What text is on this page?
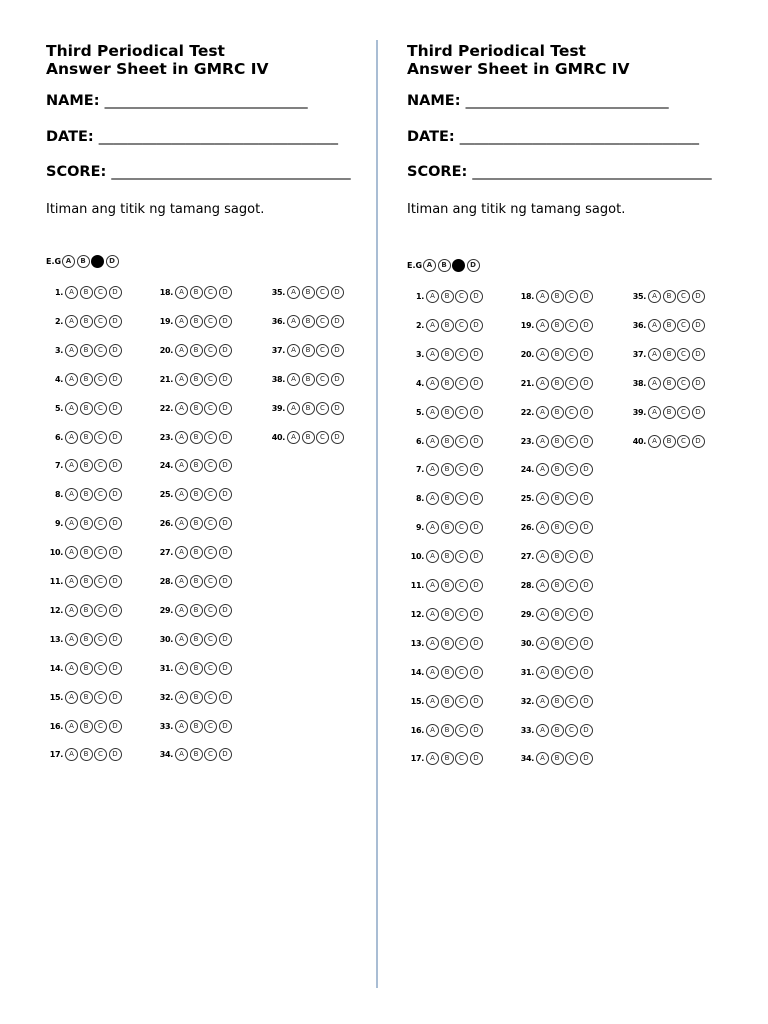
Third Periodical Test
Answer Sheet in GMRC IV
NAME: ____________________________
DATE: _________________________________
SCORE: _________________________________
Itiman ang titik ng tamang sagot.
E.G A	B	D
1. A	B	C	D
2. A	B	C	D
3. A	B	C	D
4. A	B	C	D
5. A	B	C	D
6. A	B	C	D
7. A	B	C	D
8. A	B	C	D
9. A	B	C	D
10. A	B	C	D
11. A	B	C	D
12. A	B	C	D
13. A	B	C	D
14. A	B	C	D
15. A	B	C	D
16. A	B	C	D
17. A	B	C	D
18. A	B	C	D
19. A	B	C	D
20. A	B	C	D
21. A	B	C	D
22. A	B	C	D
23. A	B	C	D
24. A	B	C	D
25. A	B	C	D
26. A	B	C	D
27. A	B	C	D
28. A	B	C	D
29. A	B	C	D
30. A	B	C	D
31. A	B	C	D
32. A	B	C	D
33. A	B	C	D
34. A	B	C	D
35. A	B	C	D
36. A	B	C	D
37. A	B	C	D
38. A	B	C	D
39. A	B	C	D
40. A	B	C	D
Third Periodical Test
Answer Sheet in GMRC IV
NAME: ____________________________
DATE: _________________________________
SCORE: _________________________________
Itiman ang titik ng tamang sagot.
E.G A	B	D
1. A	B	C	D
2. A	B	C	D
3. A	B	C	D
4. A	B	C	D
5. A	B	C	D
6. A	B	C	D
7. A	B	C	D
8. A	B	C	D
9. A	B	C	D
10. A	B	C	D
11. A	B	C	D
12. A	B	C	D
13. A	B	C	D
14. A	B	C	D
15. A	B	C	D
16. A	B	C	D
17. A	B	C	D
18. A	B	C	D
19. A	B	C	D
20. A	B	C	D
21. A	B	C	D
22. A	B	C	D
23. A	B	C	D
24. A	B	C	D
25. A	B	C	D
26. A	B	C	D
27. A	B	C	D
28. A	B	C	D
29. A	B	C	D
30. A	B	C	D
31. A	B	C	D
32. A	B	C	D
33. A	B	C	D
34. A	B	C	D
35. A	B	C	D
36. A	B	C	D
37. A	B	C	D
38. A	B	C	D
39. A	B	C	D
40. A	B	C	D
